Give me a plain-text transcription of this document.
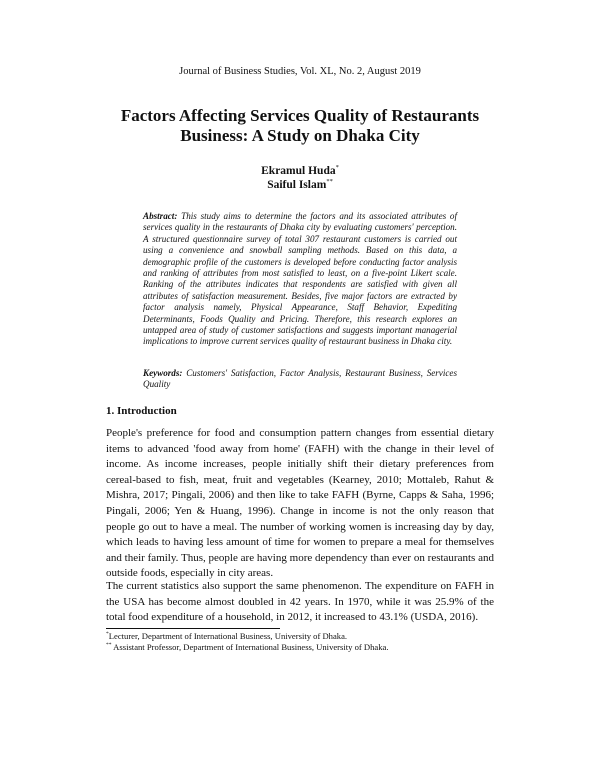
Journal of Business Studies, Vol. XL, No. 2, August 2019
Factors Affecting Services Quality of Restaurants
Business: A Study on Dhaka City
Ekramul Huda*
Saiful Islam**
Abstract: This study aims to determine the factors and its associated attributes of services quality in the restaurants of Dhaka city by evaluating customers' perception. A structured questionnaire survey of total 307 restaurant customers is carried out using a convenience and snowball sampling methods. Based on this data, a demographic profile of the customers is developed before conducting factor analysis and ranking of attributes from most satisfied to least, on a five-point Likert scale. Ranking of the attributes indicates that respondents are satisfied with given all attributes of satisfaction measurement. Besides, five major factors are extracted by factor analysis namely, Physical Appearance, Staff Behavior, Expediting Determinants, Foods Quality and Pricing. Therefore, this research explores an untapped area of study of customer satisfactions and suggests important managerial implications to improve current services quality of restaurant business in Dhaka city.
Keywords: Customers' Satisfaction, Factor Analysis, Restaurant Business, Services Quality
1. Introduction
People's preference for food and consumption pattern changes from essential dietary items to advanced 'food away from home' (FAFH) with the change in their level of income. As income increases, people initially shift their dietary preferences from cereal-based to fish, meat, fruit and vegetables (Kearney, 2010; Mottaleb, Rahut & Mishra, 2017; Pingali, 2006) and then like to take FAFH (Byrne, Capps & Saha, 1996; Pingali, 2006; Yen & Huang, 1996). Change in income is not the only reason that people go out to have a meal. The number of working women is increasing day by day, which leads to having less amount of time for women to prepare a meal for themselves and their family. Thus, people are having more dependency than ever on restaurants and outside foods, especially in city areas.
The current statistics also support the same phenomenon. The expenditure on FAFH in the USA has become almost doubled in 42 years. In 1970, while it was 25.9% of the total food expenditure of a household, in 2012, it increased to 43.1% (USDA, 2016).
*Lecturer, Department of International Business, University of Dhaka.
** Assistant Professor, Department of International Business, University of Dhaka.
